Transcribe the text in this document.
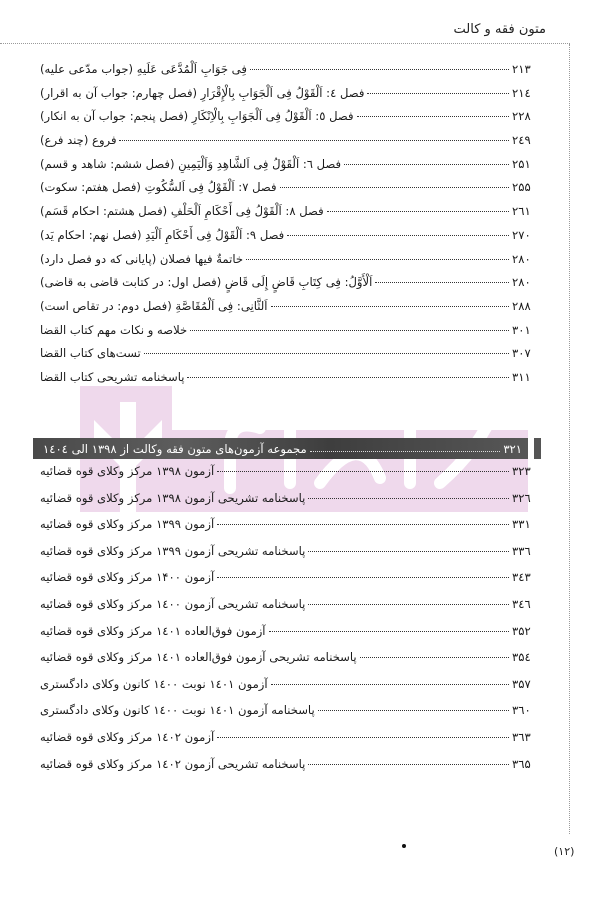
متون فقه و کالت
فِی جَوَابِ اَلْمُدَّعَی عَلَیهِ (جواب مدّعی علیه)	۲۱۳
فصل ٤: اَلْقَوْلُ فِی اَلْجَوَابِ بِالْإِقْرَارِ (فصل چهارم: جواب آن به اقرار)	۲۱٤
فصل ٥: اَلْقَوْلُ فِی اَلْجَوَابِ بِالْاِنْکَارِ (فصل پنجم: جواب آن به انکار)	۲۲۸
فروع (چند فرع)	۲٤۹
فصل ٦: اَلْقَوْلُ فِی اَلشَّاهِدِ وَاَلْیَمِینِ (فصل ششم: شاهد و قسم)	۲۵۱
فصل ٧: اَلْقَوْلُ فِی اَلسُّکُوتِ (فصل هفتم: سکوت)	۲۵۵
فصل ٨: اَلْقَوْلُ فِی أَحْکَامِ اَلْحَلْفِ (فصل هشتم: احکام قَسَم)	۲٦۱
فصل ٩: اَلْقَوْلُ فِی أَحْکَامِ اَلْیَدِ (فصل نهم: احکام یَد)	۲۷۰
خاتمةٌ فیها فصلان (پایانی که دو فصل دارد)	۲۸۰
اَلْأَوَّلُ: فِی کِتَابِ قَاضٍ إِلَی قَاضٍ (فصل اول: در کتابت قاضی به قاضی)	۲۸۰
اَلثَّانِی: فِی اَلْمُقَاصَّةِ (فصل دوم: در تقاص است)	۲۸۸
خلاصه و نکات مهم کتاب القضا	۳۰۱
تست‌های کتاب القضا	۳۰۷
پاسخنامه تشریحی کتاب القضا	۳۱۱
مجموعه آزمون‌های متون فقه وکالت از ۱۳۹۸ الی ۱٤۰٤	۳۲۱
آزمون ۱۳۹۸ مرکز وکلای قوه قضائیه	۳۲۳
پاسخنامه تشریحی آزمون ۱۳۹۸ مرکز وکلای قوه قضائیه	۳۲٦
آزمون ۱۳۹۹ مرکز وکلای قوه قضائیه	۳۳۱
پاسخنامه تشریحی آزمون ۱۳۹۹ مرکز وکلای قوه قضائیه	۳۳٦
آزمون ۱۴۰۰ مرکز وکلای قوه قضائیه	۳٤۳
پاسخنامه تشریحی آزمون ۱٤۰۰ مرکز وکلای قوه قضائیه	۳٤٦
آزمون فوق‌العاده ۱٤۰۱ مرکز وکلای قوه قضائیه	۳۵۲
پاسخنامه تشریحی آزمون فوق‌العاده ۱٤۰۱ مرکز وکلای قوه قضائیه	۳۵٤
آزمون ۱٤۰۱ نوبت ۱٤۰۰ کانون وکلای دادگستری	۳۵۷
پاسخنامه آزمون ۱٤۰۱ نوبت ۱٤۰۰ کانون وکلای دادگستری	۳٦۰
آزمون ۱٤۰۲ مرکز وکلای قوه قضائیه	۳٦۳
پاسخنامه تشریحی آزمون ۱٤۰۲ مرکز وکلای قوه قضائیه	۳٦۵
(۱۲)
